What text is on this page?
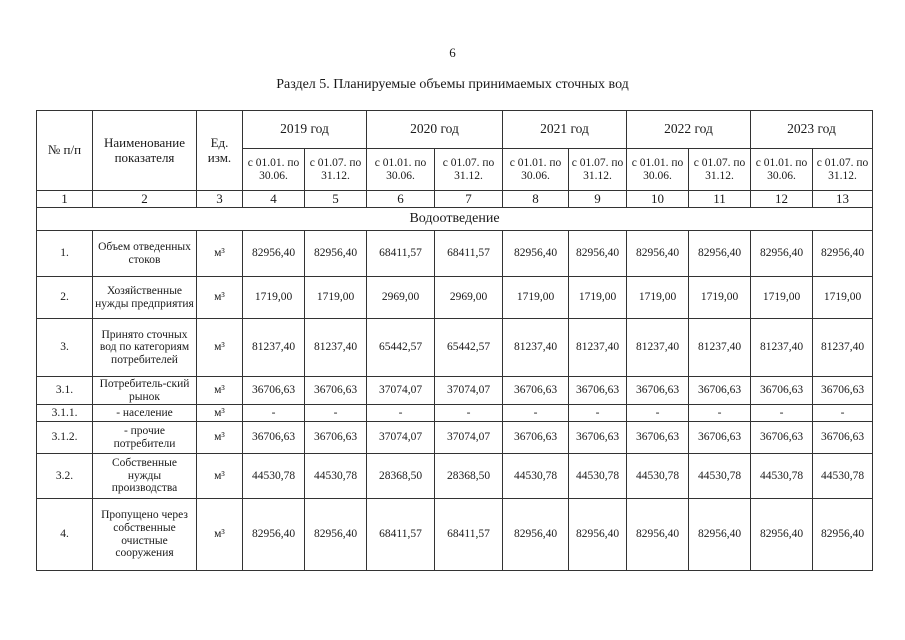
6
Раздел 5. Планируемые объемы принимаемых сточных вод
№ п/п	Наименование показателя	Ед. изм.	2019 год		2020 год		2021 год		2022 год		2023 год	
			с 01.01. по 30.06.	с 01.07. по 31.12.	с 01.01. по 30.06.	с 01.07. по 31.12.	с 01.01. по 30.06.	с 01.07. по 31.12.	с 01.01. по 30.06.	с 01.07. по 31.12.	с 01.01. по 30.06.	с 01.07. по 31.12.
1	2	3	4	5	6	7	8	9	10	11	12	13
Водоотведение												
1.	Объем отведенных стоков	м³	82956,40	82956,40	68411,57	68411,57	82956,40	82956,40	82956,40	82956,40	82956,40	82956,40
2.	Хозяйственные нужды предприятия	м³	1719,00	1719,00	2969,00	2969,00	1719,00	1719,00	1719,00	1719,00	1719,00	1719,00
3.	Принято сточных вод по категориям потребителей	м³	81237,40	81237,40	65442,57	65442,57	81237,40	81237,40	81237,40	81237,40	81237,40	81237,40
3.1.	Потребитель-ский рынок	м³	36706,63	36706,63	37074,07	37074,07	36706,63	36706,63	36706,63	36706,63	36706,63	36706,63
3.1.1.	- население	м³	-	-	-	-	-	-	-	-	-	-
3.1.2.	- прочие потребители	м³	36706,63	36706,63	37074,07	37074,07	36706,63	36706,63	36706,63	36706,63	36706,63	36706,63
3.2.	Собственные нужды производства	м³	44530,78	44530,78	28368,50	28368,50	44530,78	44530,78	44530,78	44530,78	44530,78	44530,78
4.	Пропущено через собственные очистные сооружения	м³	82956,40	82956,40	68411,57	68411,57	82956,40	82956,40	82956,40	82956,40	82956,40	82956,40
